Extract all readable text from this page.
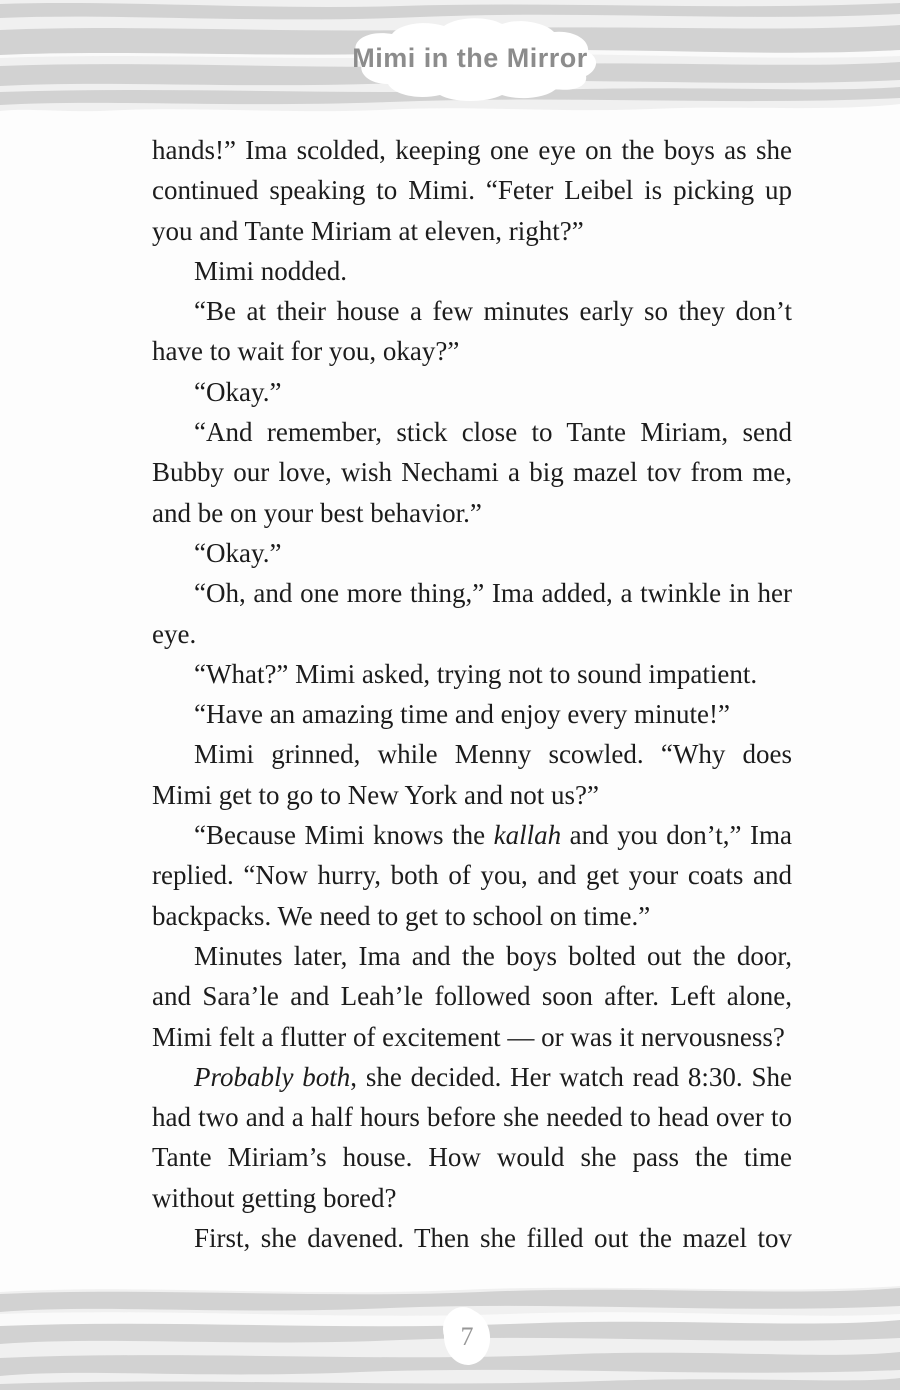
Mimi in the Mirror

hands!” Ima scolded, keeping one eye on the boys as she continued speaking to Mimi. “Feter Leibel is picking up you and Tante Miriam at eleven, right?”

Mimi nodded.

“Be at their house a few minutes early so they don’t have to wait for you, okay?”

“Okay.”

“And remember, stick close to Tante Miriam, send Bubby our love, wish Nechami a big mazel tov from me, and be on your best behavior.”

“Okay.”

“Oh, and one more thing,” Ima added, a twinkle in her eye.

“What?” Mimi asked, trying not to sound impatient.

“Have an amazing time and enjoy every minute!”

Mimi grinned, while Menny scowled. “Why does Mimi get to go to New York and not us?”

“Because Mimi knows the kallah and you don’t,” Ima replied. “Now hurry, both of you, and get your coats and backpacks. We need to get to school on time.”

Minutes later, Ima and the boys bolted out the door, and Sara’le and Leah’le followed soon after. Left alone, Mimi felt a flutter of excitement — or was it nervousness?

Probably both, she decided. Her watch read 8:30. She had two and a half hours before she needed to head over to Tante Miriam’s house. How would she pass the time without getting bored?

First, she davened. Then she filled out the mazel tov

7
